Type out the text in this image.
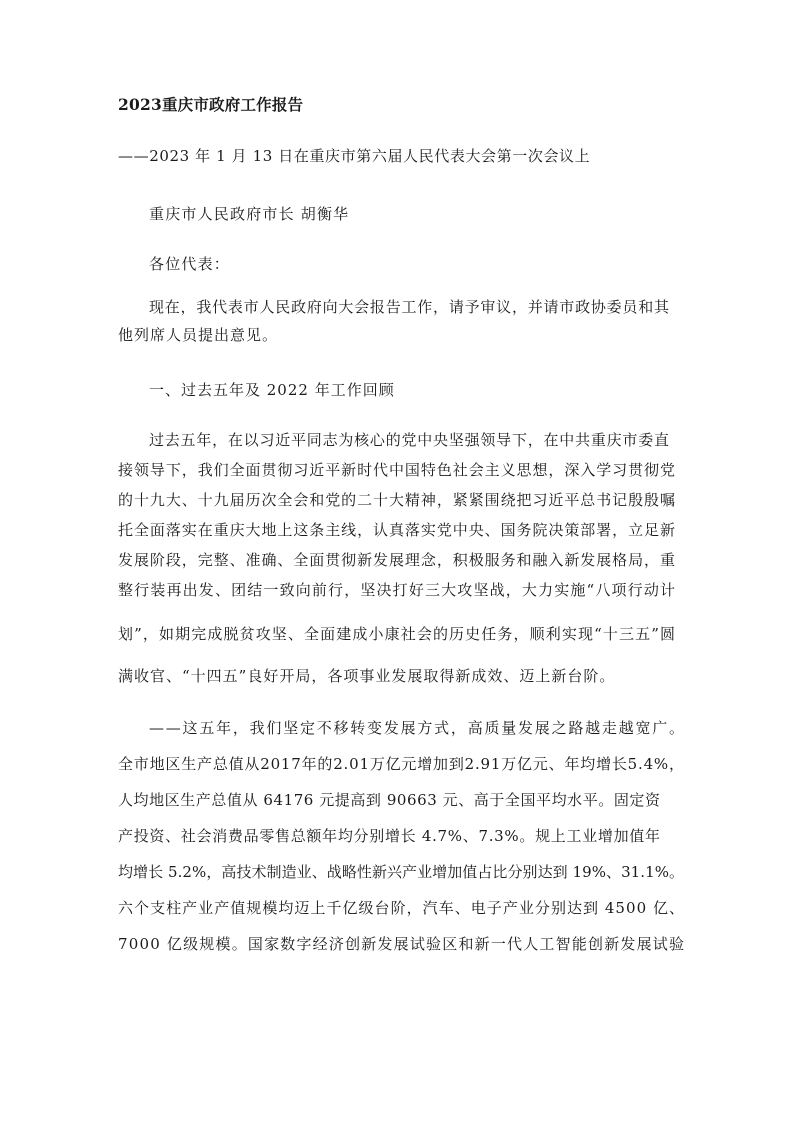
2023重庆市政府工作报告

——2023 年 1 月 13 日在重庆市第六届人民代表大会第一次会议上

重庆市人民政府市长 胡衡华

各位代表：

现在，我代表市人民政府向大会报告工作，请予审议，并请市政协委员和其
他列席人员提出意见。

一、过去五年及 2022 年工作回顾

过去五年，在以习近平同志为核心的党中央坚强领导下，在中共重庆市委直
接领导下，我们全面贯彻习近平新时代中国特色社会主义思想，深入学习贯彻党
的十九大、十九届历次全会和党的二十大精神，紧紧围绕把习近平总书记殷殷嘱
托全面落实在重庆大地上这条主线，认真落实党中央、国务院决策部署，立足新
发展阶段，完整、准确、全面贯彻新发展理念，积极服务和融入新发展格局，重
整行装再出发、团结一致向前行，坚决打好三大攻坚战，大力实施“八项行动计
划”，如期完成脱贫攻坚、全面建成小康社会的历史任务，顺利实现“十三五”圆
满收官、“十四五”良好开局，各项事业发展取得新成效、迈上新台阶。
——这五年，我们坚定不移转变发展方式，高质量发展之路越走越宽广。
全市地区生产总值从2017年的2.01万亿元增加到2.91万亿元、年均增长5.4%，
人均地区生产总值从 64176 元提高到 90663 元、高于全国平均水平。固定资
产投资、社会消费品零售总额年均分别增长 4.7%、7.3%。规上工业增加值年
均增长 5.2%，高技术制造业、战略性新兴产业增加值占比分别达到 19%、31.1%。
六个支柱产业产值规模均迈上千亿级台阶，汽车、电子产业分别达到 4500 亿、
7000 亿级规模。国家数字经济创新发展试验区和新一代人工智能创新发展试验
